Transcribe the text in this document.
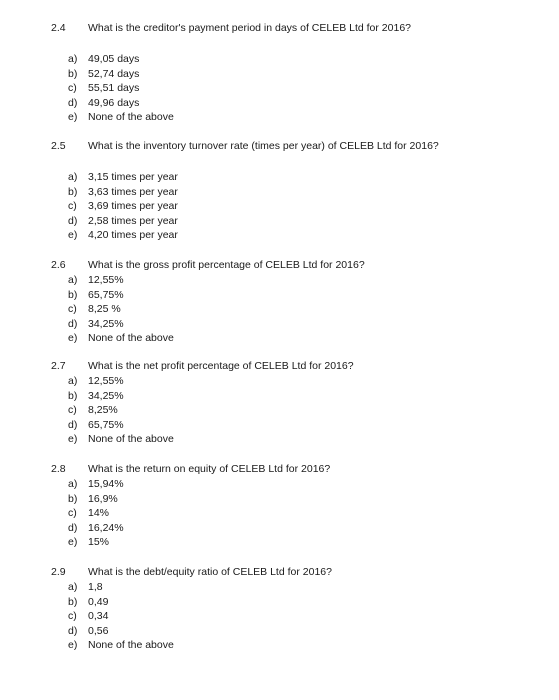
2.4 What is the creditor's payment period in days of CELEB Ltd for 2016?
a) 49,05 days
b) 52,74 days
c) 55,51 days
d) 49,96 days
e) None of the above
2.5 What is the inventory turnover rate (times per year) of CELEB Ltd for 2016?
a) 3,15 times per year
b) 3,63 times per year
c) 3,69 times per year
d) 2,58 times per year
e) 4,20 times per year
2.6 What is the gross profit percentage of CELEB Ltd for 2016?
a) 12,55%
b) 65,75%
c) 8,25 %
d) 34,25%
e) None of the above
2.7 What is the net profit percentage of CELEB Ltd for 2016?
a) 12,55%
b) 34,25%
c) 8,25%
d) 65,75%
e) None of the above
2.8 What is the return on equity of CELEB Ltd for 2016?
a) 15,94%
b) 16,9%
c) 14%
d) 16,24%
e) 15%
2.9 What is the debt/equity ratio of CELEB Ltd for 2016?
a) 1,8
b) 0,49
c) 0,34
d) 0,56
e) None of the above
